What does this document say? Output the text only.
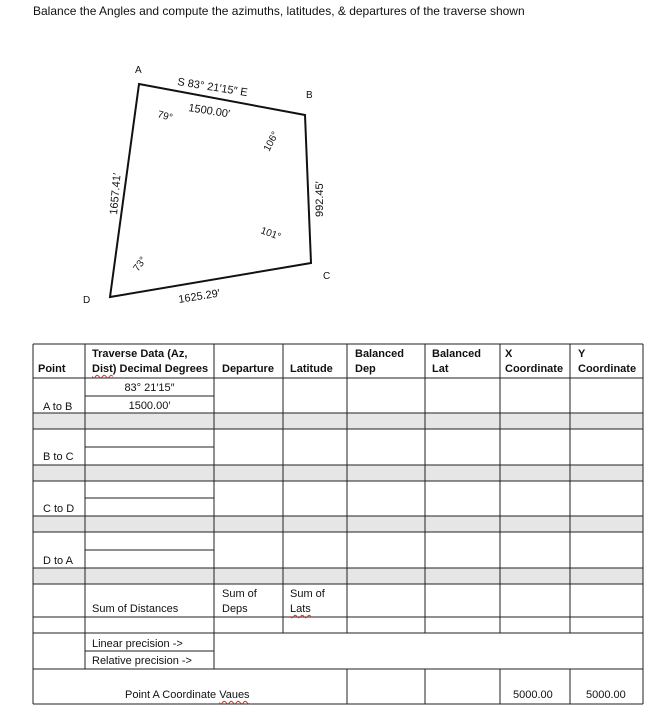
Balance the Angles and compute the azimuths, latitudes, & departures of the traverse shown
A
B
C
D
S 83° 21′15″ E
1500.00′
992.45′
1625.29′
1657.41′
79°
106°
101°
73°
Point
Traverse Data (Az,
Dist) Decimal Degrees Departure Latitude
Balanced
Dep
Balanced
Lat
X
Coordinate
Y
Coordinate
A to B
83° 21′15″
1500.00′
B to C
C to D
D to A
Sum of Distances
Sum of
Deps
Sum of
Lats
Linear precision ->
Relative precision ->
Point A Coordinate Vaues	5000.00	5000.00
